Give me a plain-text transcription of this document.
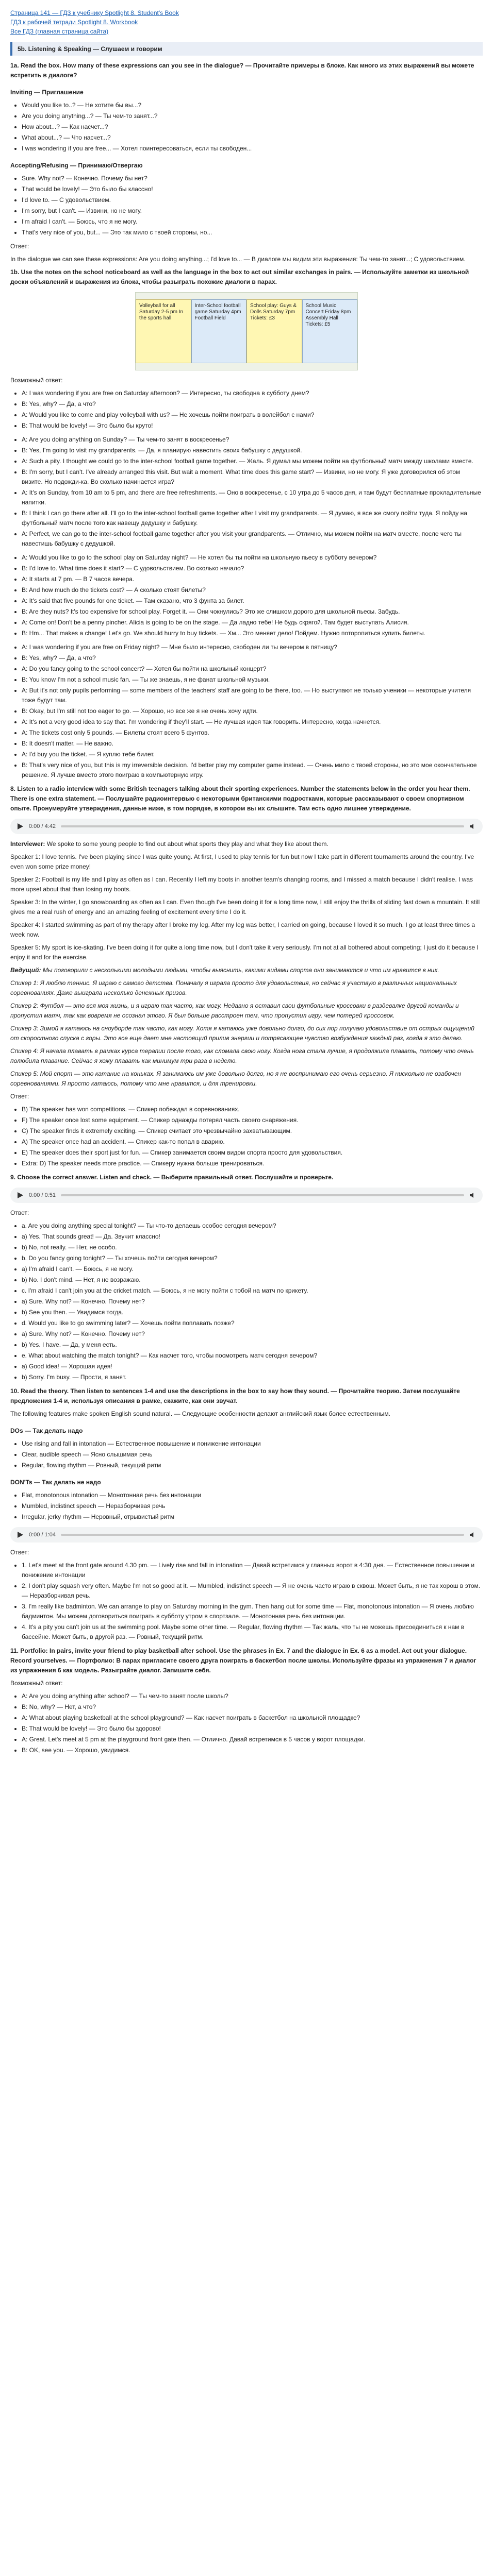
Страница 141 — ГДЗ к учебнику Spotlight 8. Student's Book
ГДЗ к рабочей тетради Spotlight 8. Workbook
Все ГДЗ (главная страница сайта)
5b. Listening & Speaking — Слушаем и говорим

1a. Read the box. How many of these expressions can you see in the dialogue? — Прочитайте примеры в блоке. Как много из этих выражений вы можете встретить в диалоге?

Inviting — Приглашение
• Would you like to..? — Не хотите бы вы...?
• Are you doing anything...? — Ты чем-то занят...?
• How about...? — Как насчет...?
• What about...? — Что насчет...?
• I was wondering if you are free... — Хотел поинтересоваться, если ты свободен...
Accepting/Refusing — Принимаю/Отвергаю
• Sure. Why not? — Конечно. Почему бы нет?
• That would be lovely! — Это было бы классно!
• I'd love to. — С удовольствием.
• I'm sorry, but I can't. — Извини, но не могу.
• I'm afraid I can't. — Боюсь, что я не могу.
• That's very nice of you, but... — Это так мило с твоей стороны, но...

Ответ:

In the dialogue we can see these expressions: Are you doing anything...; I'd love to... — В диалоге мы видим эти выражения: Ты чем-то занят...; С удовольствием.

1b. Use the notes on the school noticeboard as well as the language in the box to act out similar exchanges in pairs. — Используйте заметки из школьной доски объявлений и выражения из блока, чтобы разыграть похожие диалоги в парах.

Volleyball for all Saturday 2-5 pm In the sports hall
Inter-School football game Saturday 4pm Football Field
School play: Guys & Dolls Saturday 7pm Tickets: £3
School Music Concert Friday 8pm Assembly Hall Tickets: £5

Возможный ответ:

• A: I was wondering if you are free on Saturday afternoon? — Интересно, ты свободна в субботу днем?
• B: Yes, why? — Да, а что?
• A: Would you like to come and play volleyball with us? — Не хочешь пойти поиграть в волейбол с нами?
• B: That would be lovely! — Это было бы круто!
• A: Are you doing anything on Sunday? — Ты чем-то занят в воскресенье?
• B: Yes, I'm going to visit my grandparents. — Да, я планирую навестить своих бабушку с дедушкой.
• A: Such a pity. I thought we could go to the inter-school football game together. — Жаль. Я думал мы можем пойти на футбольный матч между школами вместе.
• B: I'm sorry, but I can't. I've already arranged this visit. But wait a moment. What time does this game start? — Извини, но не могу. Я уже договорился об этом визите. Но подожди-ка. Во сколько начинается игра?
• A: It's on Sunday, from 10 am to 5 pm, and there are free refreshments. — Оно в воскресенье, с 10 утра до 5 часов дня, и там будут бесплатные прохладительные напитки.
• B: I think I can go there after all. I'll go to the inter-school football game together after I visit my grandparents. — Я думаю, я все же смогу пойти туда. Я пойду на футбольный матч после того как навещу дедушку и бабушку.
• A: Perfect, we can go to the inter-school football game together after you visit your grandparents. — Отлично, мы можем пойти на матч вместе, после чего ты навестишь бабушку с дедушкой.
• A: Would you like to go to the school play on Saturday night? — Не хотел бы ты пойти на школьную пьесу в субботу вечером?
• B: I'd love to. What time does it start? — С удовольствием. Во сколько начало?
• A: It starts at 7 pm. — В 7 часов вечера.
• B: And how much do the tickets cost? — А сколько стоят билеты?
• A: It's said that five pounds for one ticket. — Там сказано, что 3 фунта за билет.
• B: Are they nuts? It's too expensive for school play. Forget it. — Они чокнулись? Это же слишком дорого для школьной пьесы. Забудь.
• A: Come on! Don't be a penny pincher. Alicia is going to be on the stage. — Да ладно тебе! Не будь скрягой. Там будет выступать Алисия.
• B: Hm... That makes a change! Let's go. We should hurry to buy tickets. — Хм... Это меняет дело! Пойдем. Нужно поторопиться купить билеты.
• A: I was wondering if you are free on Friday night? — Мне было интересно, свободен ли ты вечером в пятницу?
• B: Yes, why? — Да, а что?
• A: Do you fancy going to the school concert? — Хотел бы пойти на школьный концерт?
• B: You know I'm not a school music fan. — Ты же знаешь, я не фанат школьной музыки.
• A: But it's not only pupils performing — some members of the teachers' staff are going to be there, too. — Но выступают не только ученики — некоторые учителя тоже будут там.
• B: Okay, but I'm still not too eager to go. — Хорошо, но все же я не очень хочу идти.
• A: It's not a very good idea to say that. I'm wondering if they'll start. — Не лучшая идея так говорить. Интересно, когда начнется.
• A: The tickets cost only 5 pounds. — Билеты стоят всего 5 фунтов.
• B: It doesn't matter. — Не важно.
• A: I'd buy you the ticket. — Я куплю тебе билет.
• B: That's very nice of you, but this is my irreversible decision. I'd better play my computer game instead. — Очень мило с твоей стороны, но это мое окончательное решение. Я лучше вместо этого поиграю в компьютерную игру.

8. Listen to a radio interview with some British teenagers talking about their sporting experiences. Number the statements below in the order you hear them. There is one extra statement. — Послушайте радиоинтервью с некоторыми британскими подростками, которые рассказывают о своем спортивном опыте. Пронумеруйте утверждения, данные ниже, в том порядке, в котором вы их слышите. Там есть одно лишнее утверждение.

0:00 / 4:42

Interviewer: We spoke to some young people to find out about what sports they play and what they like about them.

Speaker 1: I love tennis. I've been playing since I was quite young. At first, I used to play tennis for fun but now I take part in different tournaments around the country. I've even won some prize money!

Speaker 2: Football is my life and I play as often as I can. Recently I left my boots in another team's changing rooms, and I missed a match because I didn't realise. I was more upset about that than losing my boots.

Speaker 3: In the winter, I go snowboarding as often as I can. Even though I've been doing it for a long time now, I still enjoy the thrills of sliding fast down a mountain. It still gives me a real rush of energy and an amazing feeling of excitement every time I do it.

Speaker 4: I started swimming as part of my therapy after I broke my leg. After my leg was better, I carried on going, because I loved it so much. I go at least three times a week now.

Speaker 5: My sport is ice-skating. I've been doing it for quite a long time now, but I don't take it very seriously. I'm not at all bothered about competing; I just do it because I enjoy it and for the exercise.

Ведущий: Мы поговорили с несколькими молодыми людьми, чтобы выяснить, какими видами спорта они занимаются и что им нравится в них.

Спикер 1: Я люблю теннис. Я играю с самого детства. Поначалу я играла просто для удовольствия, но сейчас я участвую в различных национальных соревнованиях. Даже выиграла несколько денежных призов.

Спикер 2: Футбол — это вся моя жизнь, и я играю так часто, как могу. Недавно я оставил свои футбольные кроссовки в раздевалке другой команды и пропустил матч, так как вовремя не осознал этого. Я был больше расстроен тем, что пропустил игру, чем потерей кроссовок.

Спикер 3: Зимой я катаюсь на сноуборде так часто, как могу. Хотя я катаюсь уже довольно долго, до сих пор получаю удовольствие от острых ощущений от скоростного спуска с горы. Это все еще дает мне настоящий прилив энергии и потрясающее чувство возбуждения каждый раз, когда я это делаю.

Спикер 4: Я начала плавать в рамках курса терапии после того, как сломала свою ногу. Когда нога стала лучше, я продолжила плавать, потому что очень полюбила плавание. Сейчас я хожу плавать как минимум три раза в неделю.

Спикер 5: Мой спорт — это катание на коньках. Я занимаюсь им уже довольно долго, но я не воспринимаю его очень серьезно. Я нисколько не озабочен соревнованиями. Я просто катаюсь, потому что мне нравится, и для тренировки.

Ответ:

• B) The speaker has won competitions. — Спикер побеждал в соревнованиях.
• F) The speaker once lost some equipment. — Спикер однажды потерял часть своего снаряжения.
• C) The speaker finds it extremely exciting. — Спикер считает это чрезвычайно захватывающим.
• A) The speaker once had an accident. — Спикер как-то попал в аварию.
• E) The speaker does their sport just for fun. — Спикер занимается своим видом спорта просто для удовольствия.
• Extra: D) The speaker needs more practice. — Спикеру нужна больше тренироваться.

9. Choose the correct answer. Listen and check. — Выберите правильный ответ. Послушайте и проверьте.

0:00 / 0:51

Ответ:

• a. Are you doing anything special tonight? — Ты что-то делаешь особое сегодня вечером?
• a) Yes. That sounds great! — Да. Звучит классно!
• b) No, not really. — Нет, не особо.
• b. Do you fancy going tonight? — Ты хочешь пойти сегодня вечером?
• a) I'm afraid I can't. — Боюсь, я не могу.
• b) No. I don't mind. — Нет, я не возражаю.
• c. I'm afraid I can't join you at the cricket match. — Боюсь, я не могу пойти с тобой на матч по крикету.
• a) Sure. Why not? — Конечно. Почему нет?
• b) See you then. — Увидимся тогда.
• d. Would you like to go swimming later? — Хочешь пойти поплавать позже?
• a) Sure. Why not? — Конечно. Почему нет?
• b) Yes. I have. — Да, у меня есть.
• e. What about watching the match tonight? — Как насчет того, чтобы посмотреть матч сегодня вечером?
• a) Good idea! — Хорошая идея!
• b) Sorry. I'm busy. — Прости, я занят.

10. Read the theory. Then listen to sentences 1-4 and use the descriptions in the box to say how they sound. — Прочитайте теорию. Затем послушайте предложения 1-4 и, используя описания в рамке, скажите, как они звучат.

The following features make spoken English sound natural. — Следующие особенности делают английский язык более естественным.

DOs — Так делать надо
• Use rising and fall in intonation — Естественное повышение и понижение интонации
• Clear, audible speech — Ясно слышимая речь
• Regular, flowing rhythm — Ровный, текущий ритм
DON'Ts — Так делать не надо
• Flat, monotonous intonation — Монотонная речь без интонации
• Mumbled, indistinct speech — Неразборчивая речь
• Irregular, jerky rhythm — Неровный, отрывистый ритм
0:00 / 1:04

Ответ:

• 1. Let's meet at the front gate around 4.30 pm. — Lively rise and fall in intonation — Давай встретимся у главных ворот в 4:30 дня. — Естественное повышение и понижение интонации
• 2. I don't play squash very often. Maybe I'm not so good at it. — Mumbled, indistinct speech — Я не очень часто играю в сквош. Может быть, я не так хорош в этом. — Неразборчивая речь.
• 3. I'm really like badminton. We can arrange to play on Saturday morning in the gym. Then hang out for some time — Flat, monotonous intonation — Я очень люблю бадминтон. Мы можем договориться поиграть в субботу утром в спортзале. — Монотонная речь без интонации.
• 4. It's a pity you can't join us at the swimming pool. Maybe some other time. — Regular, flowing rhythm — Так жаль, что ты не можешь присоединиться к нам в бассейне. Может быть, в другой раз. — Ровный, текущий ритм.

11. Portfolio: In pairs, invite your friend to play basketball after school. Use the phrases in Ex. 7 and the dialogue in Ex. 6 as a model. Act out your dialogue. Record yourselves. — Портфолио: В парах пригласите своего друга поиграть в баскетбол после школы. Используйте фразы из упражнения 7 и диалог из упражнения 6 как модель. Разыграйте диалог. Запишите себя.

Возможный ответ:

• A: Are you doing anything after school? — Ты чем-то занят после школы?
• B: No, why? — Нет, а что?
• A: What about playing basketball at the school playground? — Как насчет поиграть в баскетбол на школьной площадке?
• B: That would be lovely! — Это было бы здорово!
• A: Great. Let's meet at 5 pm at the playground front gate then. — Отлично. Давай встретимся в 5 часов у ворот площадки.
• B: OK, see you. — Хорошо, увидимся.
